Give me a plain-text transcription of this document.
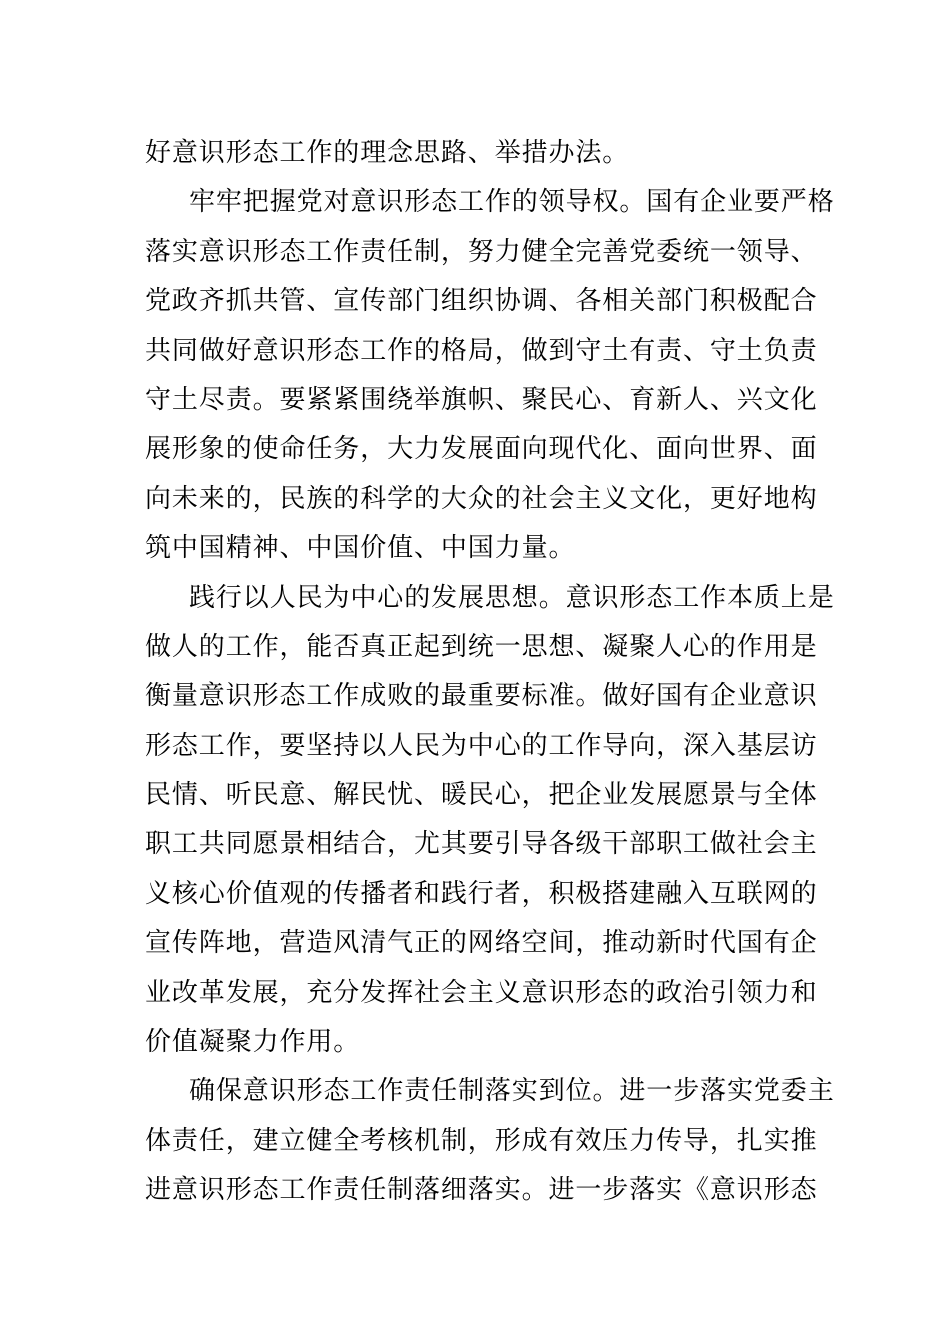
好意识形态工作的理念思路、举措办法。
牢牢把握党对意识形态工作的领导权。国有企业要严格
落实意识形态工作责任制，努力健全完善党委统一领导、
党政齐抓共管、宣传部门组织协调、各相关部门积极配合
共同做好意识形态工作的格局，做到守土有责、守土负责
守土尽责。要紧紧围绕举旗帜、聚民心、育新人、兴文化
展形象的使命任务，大力发展面向现代化、面向世界、面
向未来的，民族的科学的大众的社会主义文化，更好地构
筑中国精神、中国价值、中国力量。
践行以人民为中心的发展思想。意识形态工作本质上是
做人的工作，能否真正起到统一思想、凝聚人心的作用是
衡量意识形态工作成败的最重要标准。做好国有企业意识
形态工作，要坚持以人民为中心的工作导向，深入基层访
民情、听民意、解民忧、暖民心，把企业发展愿景与全体
职工共同愿景相结合，尤其要引导各级干部职工做社会主
义核心价值观的传播者和践行者，积极搭建融入互联网的
宣传阵地，营造风清气正的网络空间，推动新时代国有企
业改革发展，充分发挥社会主义意识形态的政治引领力和
价值凝聚力作用。
确保意识形态工作责任制落实到位。进一步落实党委主
体责任，建立健全考核机制，形成有效压力传导，扎实推
进意识形态工作责任制落细落实。进一步落实《意识形态
